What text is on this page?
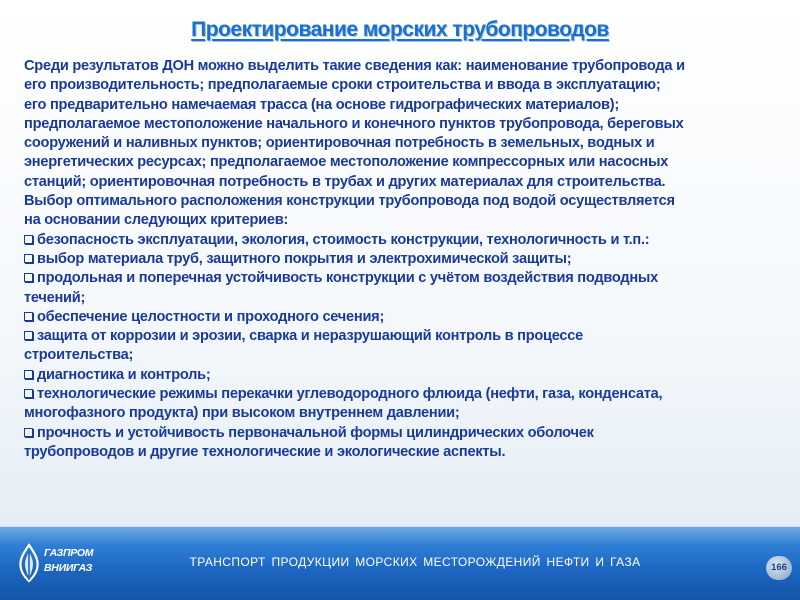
Проектирование морских трубопроводов

Среди результатов ДОН можно выделить такие сведения как: наименование трубопровода и
его производительность; предполагаемые сроки строительства и ввода в эксплуатацию;
его предварительно намечаемая трасса (на основе гидрографических материалов);
предполагаемое местоположение начального и конечного пунктов трубопровода, береговых
сооружений и наливных пунктов; ориентировочная потребность в земельных, водных и
энергетических ресурсах; предполагаемое местоположение компрессорных или насосных
станций; ориентировочная потребность в трубах и других материалах для строительства.
Выбор оптимального расположения конструкции трубопровода под водой осуществляется
на основании следующих критериев:

безопасность эксплуатации, экология, стоимость конструкции, технологичность и т.п.:

выбор материала труб, защитного покрытия и электрохимической защиты;

продольная и поперечная устойчивость конструкции с учётом воздействия подводных
течений;

обеспечение целостности и проходного сечения;

защита от коррозии и эрозии, сварка и неразрушающий контроль в процессе
строительства;

диагностика и контроль;

технологические режимы перекачки углеводородного флюида (нефти, газа, конденсата,
многофазного продукта) при высоком внутреннем давлении;

прочность и устойчивость первоначальной формы цилиндрических оболочек
трубопроводов и другие технологические и экологические аспекты.

ГАЗПРОМ
ВНИИГАЗ	ТРАНСПОРТ ПРОДУКЦИИ МОРСКИХ МЕСТОРОЖДЕНИЙ НЕФТИ И ГАЗА	166
